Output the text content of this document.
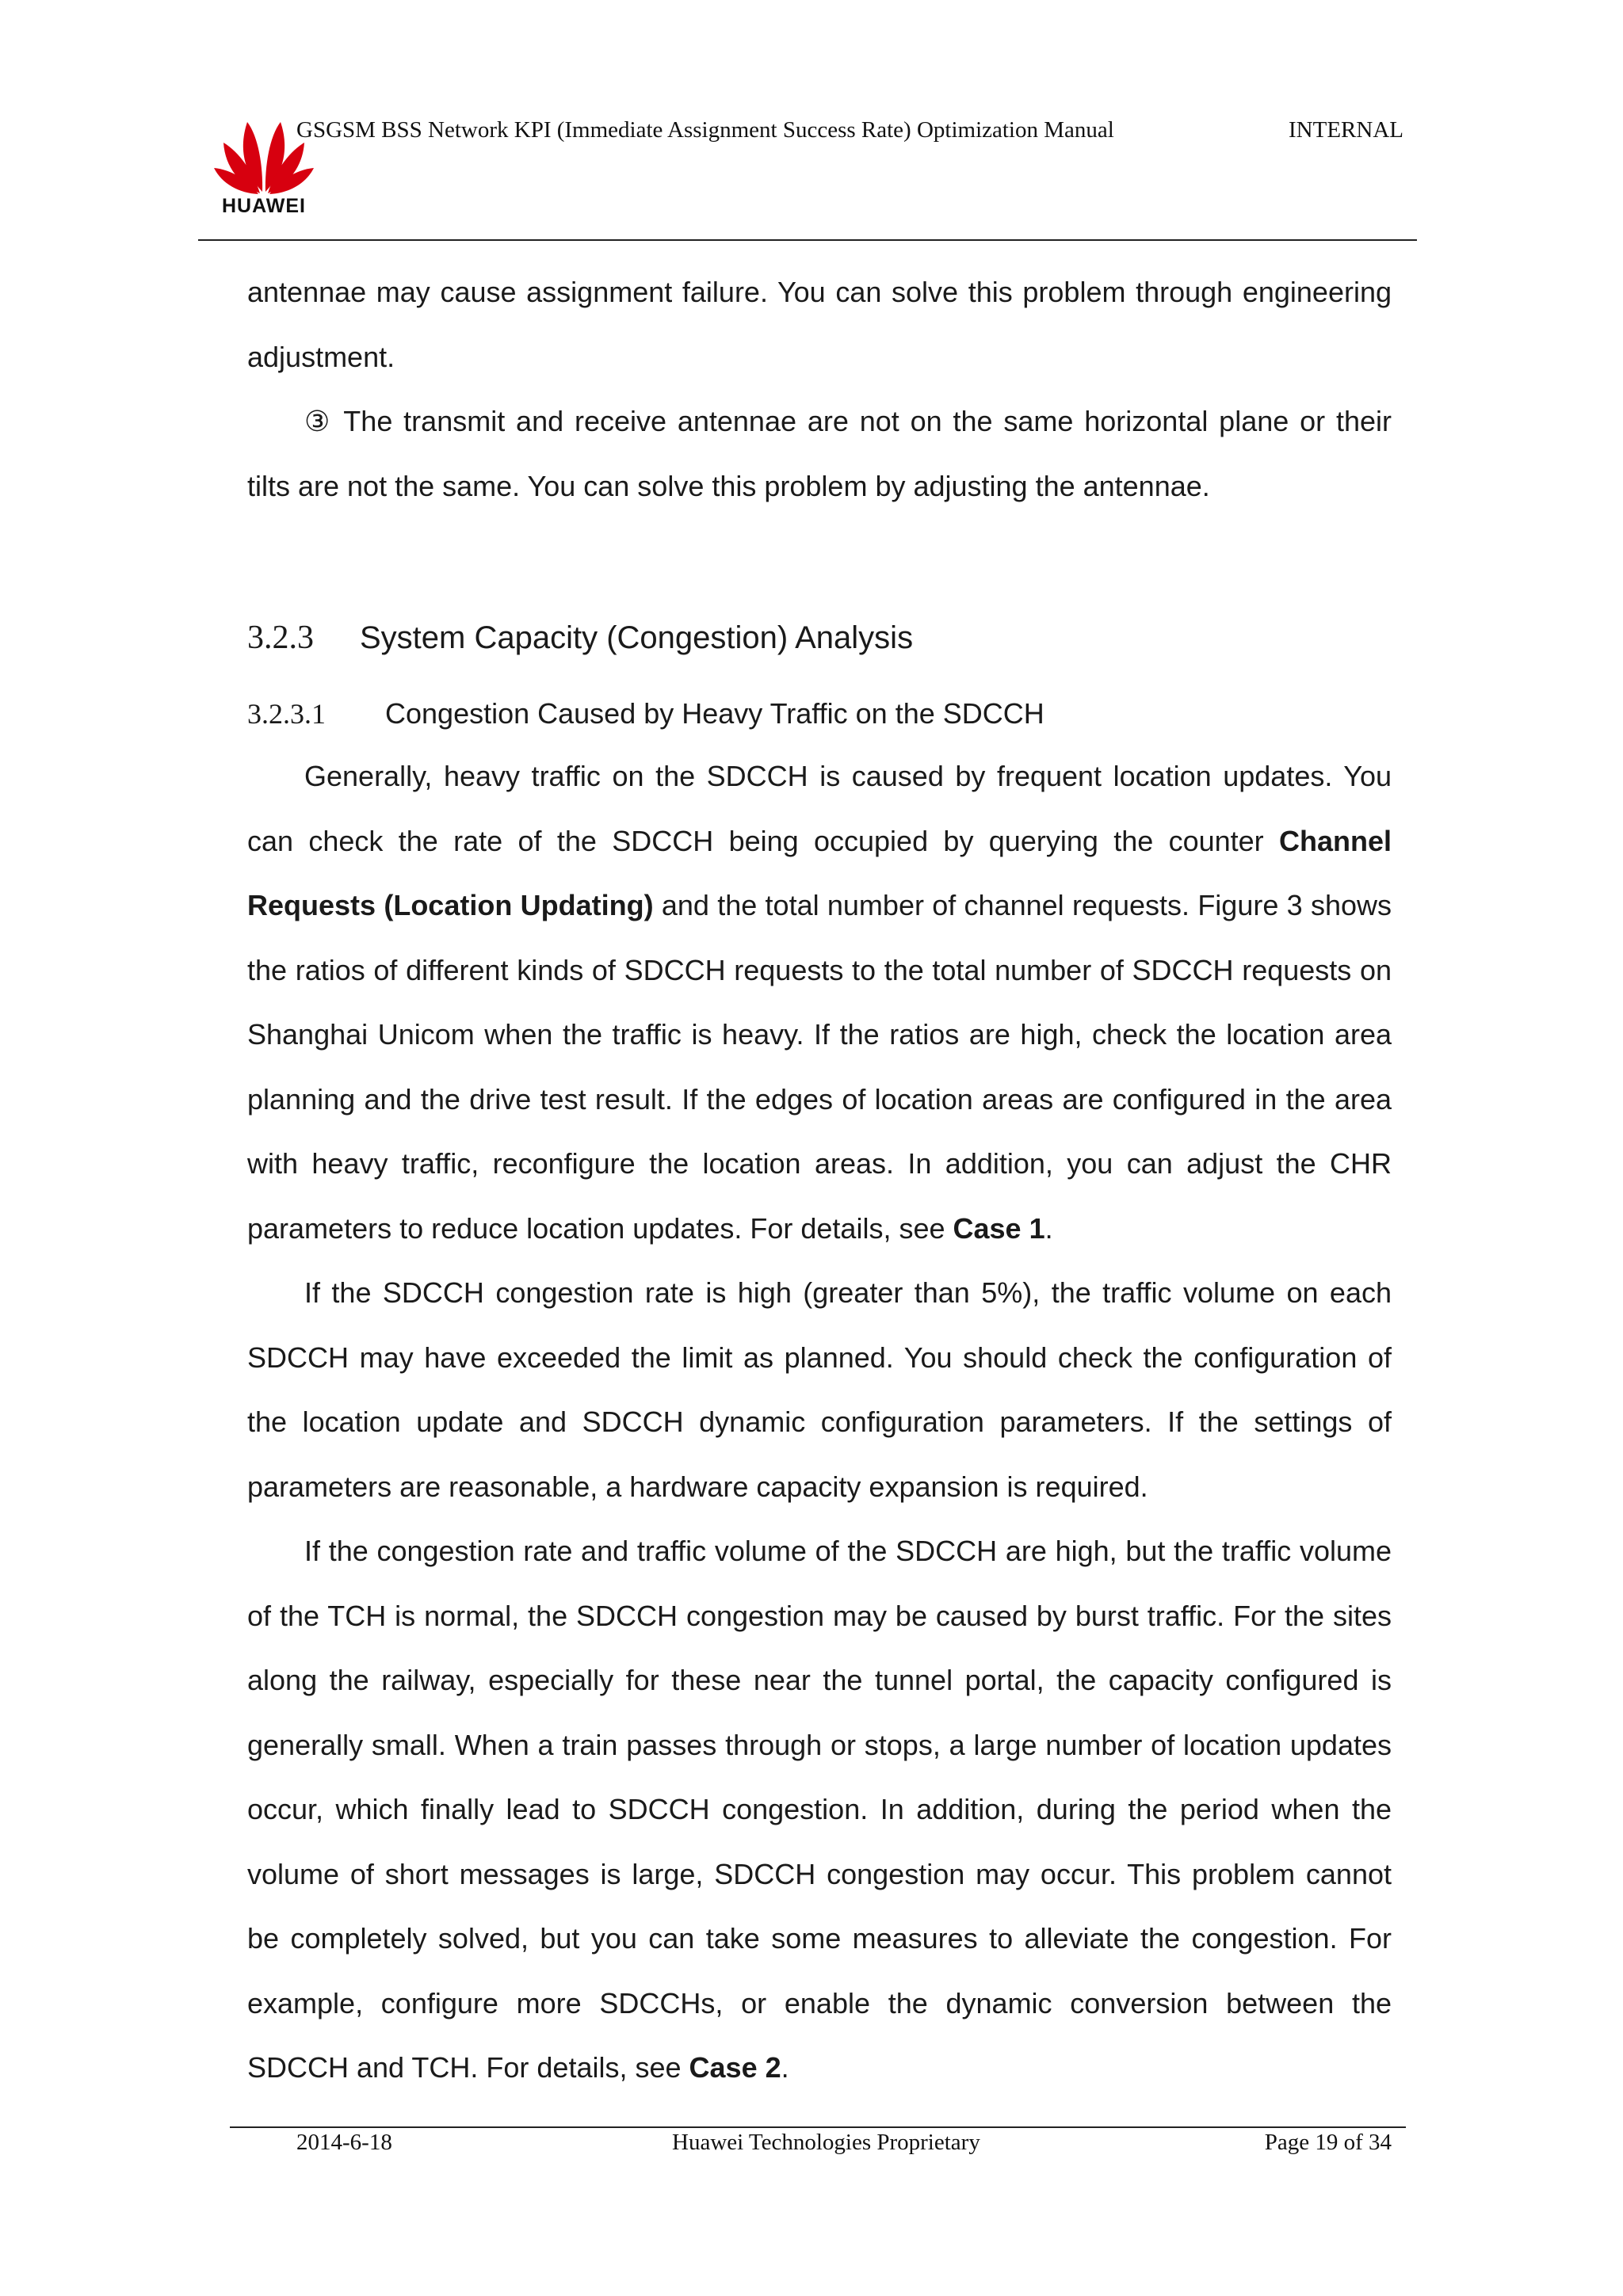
HUAWEI
GSGSM BSS Network KPI (Immediate Assignment Success Rate) Optimization Manual	INTERNAL

antennae may cause assignment failure. You can solve this problem through engineering adjustment.

③ The transmit and receive antennae are not on the same horizontal plane or their tilts are not the same. You can solve this problem by adjusting the antennae.

3.2.3 System Capacity (Congestion) Analysis
3.2.3.1 Congestion Caused by Heavy Traffic on the SDCCH

Generally, heavy traffic on the SDCCH is caused by frequent location updates. You can check the rate of the SDCCH being occupied by querying the counter Channel Requests (Location Updating) and the total number of channel requests. Figure 3 shows the ratios of different kinds of SDCCH requests to the total number of SDCCH requests on Shanghai Unicom when the traffic is heavy. If the ratios are high, check the location area planning and the drive test result. If the edges of location areas are configured in the area with heavy traffic, reconfigure the location areas. In addition, you can adjust the CHR parameters to reduce location updates. For details, see Case 1.

If the SDCCH congestion rate is high (greater than 5%), the traffic volume on each SDCCH may have exceeded the limit as planned. You should check the configuration of the location update and SDCCH dynamic configuration parameters. If the settings of parameters are reasonable, a hardware capacity expansion is required.

If the congestion rate and traffic volume of the SDCCH are high, but the traffic volume of the TCH is normal, the SDCCH congestion may be caused by burst traffic. For the sites along the railway, especially for these near the tunnel portal, the capacity configured is generally small. When a train passes through or stops, a large number of location updates occur, which finally lead to SDCCH congestion. In addition, during the period when the volume of short messages is large, SDCCH congestion may occur. This problem cannot be completely solved, but you can take some measures to alleviate the congestion. For example, configure more SDCCHs, or enable the dynamic conversion between the SDCCH and TCH. For details, see Case 2.

2014-6-18	Huawei Technologies Proprietary	Page 19 of 34
